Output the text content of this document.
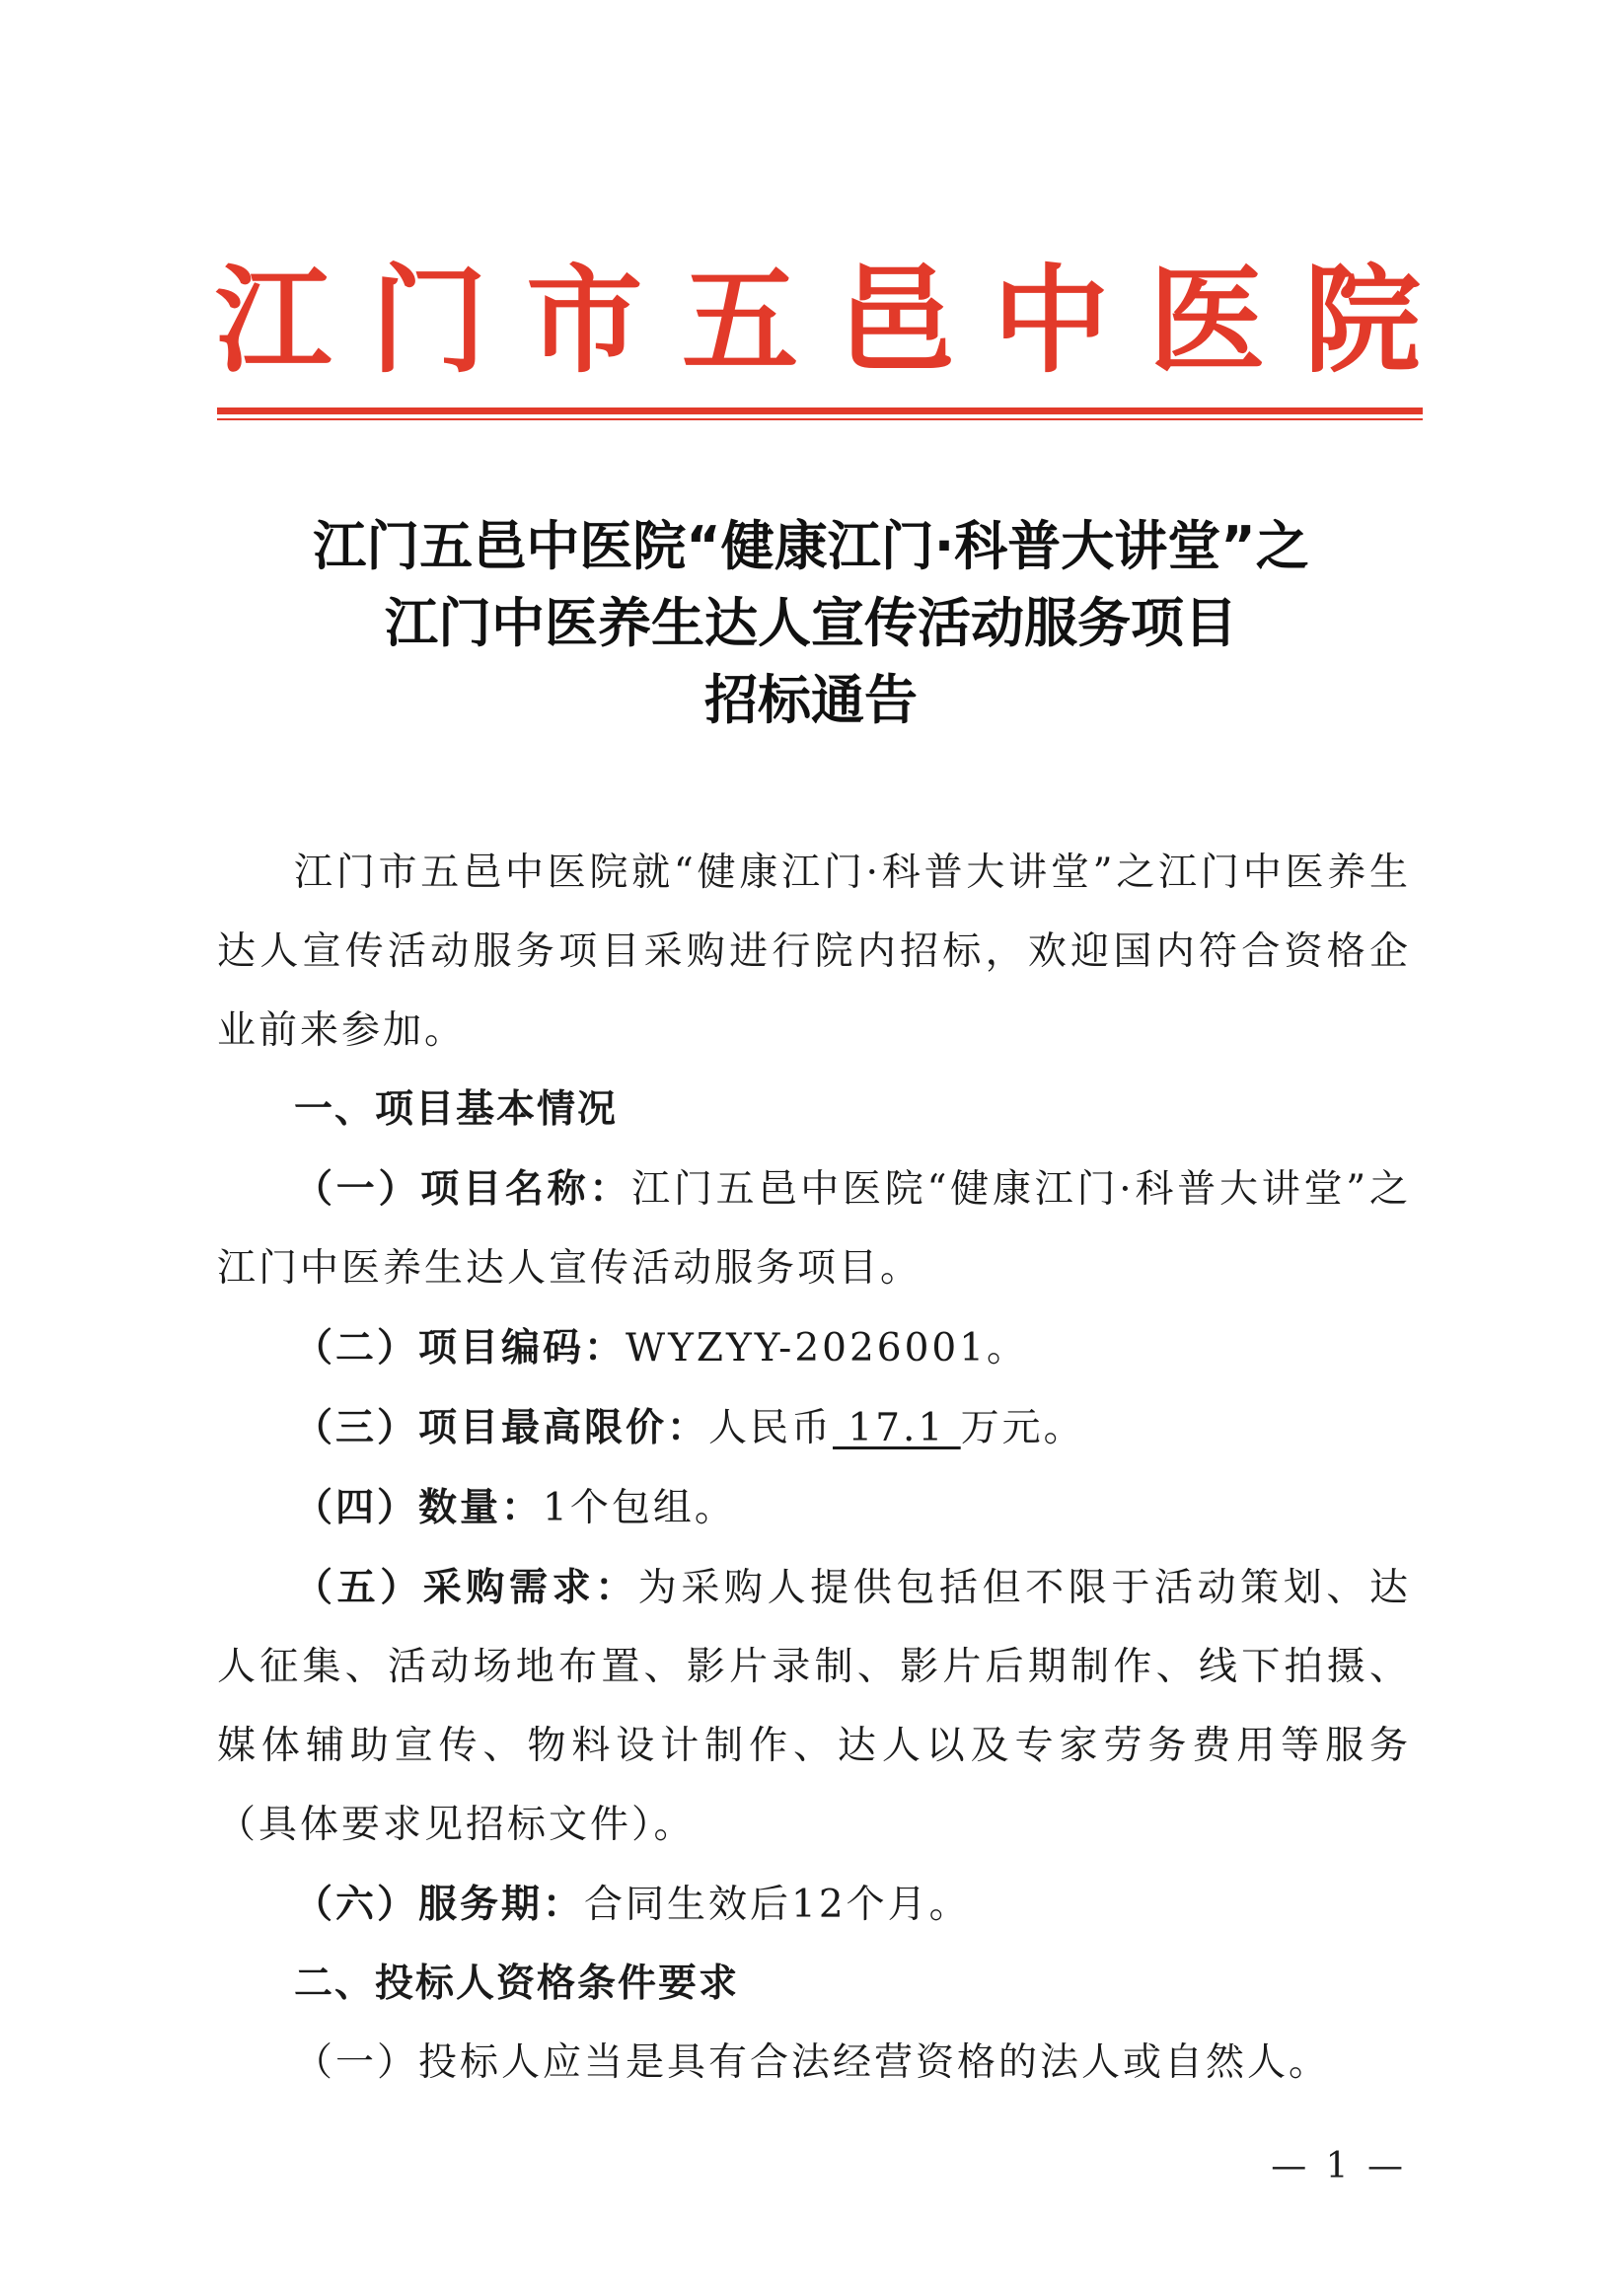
江 门 市 五 邑 中 医 院
江门五邑中医院“健康江门·科普大讲堂”之
江门中医养生达人宣传活动服务项目
招标通告

江门市五邑中医院就“健康江门·科普大讲堂”之江门中医养生达人宣传活动服务项目采购进行院内招标，欢迎国内符合资格企业前来参加。

一、项目基本情况

（一）项目名称：江门五邑中医院“健康江门·科普大讲堂”之江门中医养生达人宣传活动服务项目。

（二）项目编码：WYZYY-2026001。

（三）项目最高限价：人民币 17.1 万元。

（四）数量：1个包组。

（五）采购需求：为采购人提供包括但不限于活动策划、达人征集、活动场地布置、影片录制、影片后期制作、线下拍摄、媒体辅助宣传、物料设计制作、达人以及专家劳务费用等服务（具体要求见招标文件）。

（六）服务期：合同生效后12个月。

二、投标人资格条件要求

（一）投标人应当是具有合法经营资格的法人或自然人。

— 1 —
